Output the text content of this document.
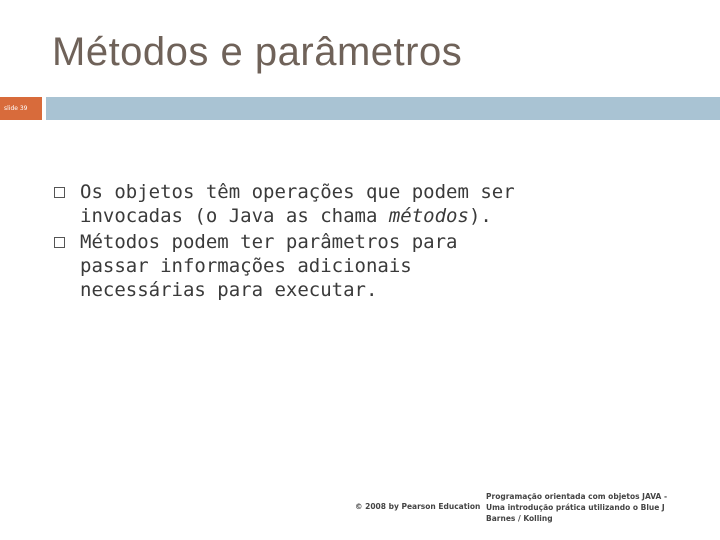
Métodos e parâmetros
slide 39
Os objetos têm operações que podem ser invocadas (o Java as chama métodos).
Métodos podem ter parâmetros para passar informações adicionais necessárias para executar.
© 2008 by Pearson Education
Programação orientada com objetos JAVA -
Uma introdução prática utilizando o Blue J
Barnes / Kolling
